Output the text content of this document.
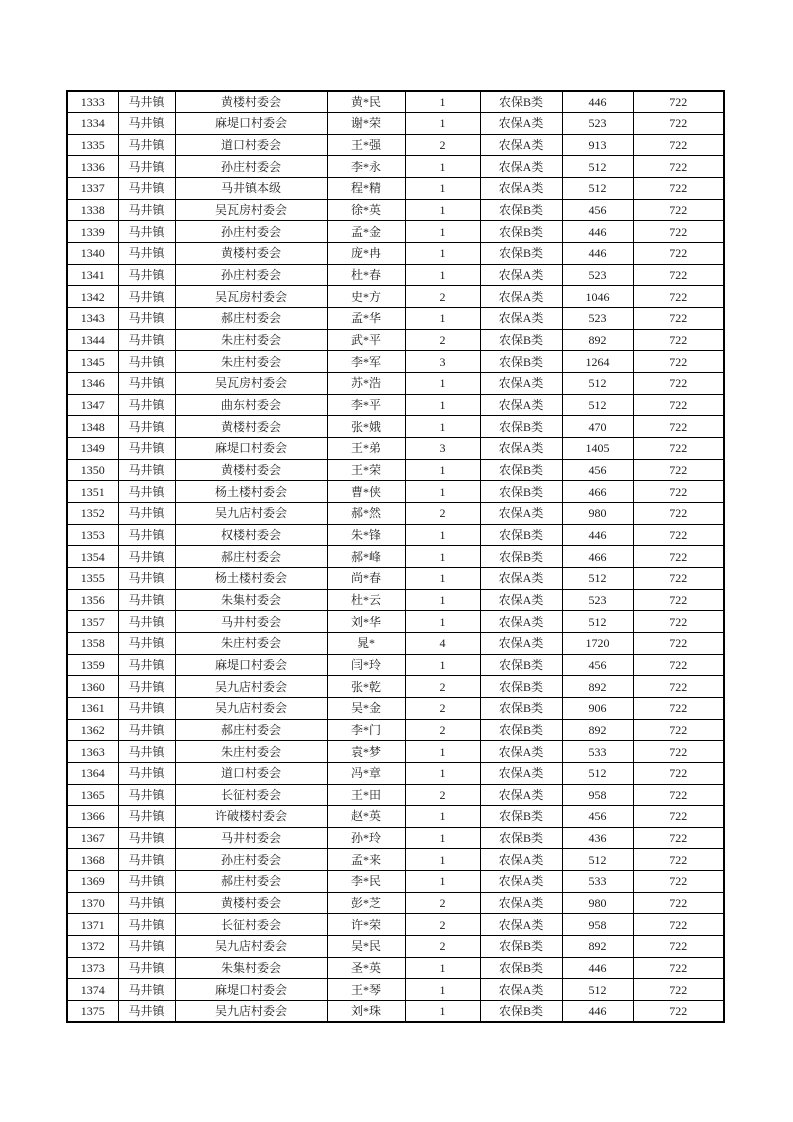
1333	马井镇	黄楼村委会	黄*民	1	农保B类	446	722
1334	马井镇	麻堤口村委会	谢*荣	1	农保A类	523	722
1335	马井镇	道口村委会	王*强	2	农保A类	913	722
1336	马井镇	孙庄村委会	李*永	1	农保A类	512	722
1337	马井镇	马井镇本级	程*精	1	农保A类	512	722
1338	马井镇	吴瓦房村委会	徐*英	1	农保B类	456	722
1339	马井镇	孙庄村委会	孟*金	1	农保B类	446	722
1340	马井镇	黄楼村委会	庞*冉	1	农保B类	446	722
1341	马井镇	孙庄村委会	杜*春	1	农保A类	523	722
1342	马井镇	吴瓦房村委会	史*方	2	农保A类	1046	722
1343	马井镇	郝庄村委会	孟*华	1	农保A类	523	722
1344	马井镇	朱庄村委会	武*平	2	农保B类	892	722
1345	马井镇	朱庄村委会	李*军	3	农保B类	1264	722
1346	马井镇	吴瓦房村委会	苏*浩	1	农保A类	512	722
1347	马井镇	曲东村委会	李*平	1	农保A类	512	722
1348	马井镇	黄楼村委会	张*娥	1	农保B类	470	722
1349	马井镇	麻堤口村委会	王*弟	3	农保A类	1405	722
1350	马井镇	黄楼村委会	王*荣	1	农保B类	456	722
1351	马井镇	杨土楼村委会	曹*侠	1	农保B类	466	722
1352	马井镇	吴九店村委会	郝*然	2	农保A类	980	722
1353	马井镇	权楼村委会	朱*锋	1	农保B类	446	722
1354	马井镇	郝庄村委会	郝*峰	1	农保B类	466	722
1355	马井镇	杨土楼村委会	尚*春	1	农保A类	512	722
1356	马井镇	朱集村委会	杜*云	1	农保A类	523	722
1357	马井镇	马井村委会	刘*华	1	农保A类	512	722
1358	马井镇	朱庄村委会	晁*	4	农保A类	1720	722
1359	马井镇	麻堤口村委会	闫*玲	1	农保B类	456	722
1360	马井镇	吴九店村委会	张*乾	2	农保B类	892	722
1361	马井镇	吴九店村委会	吴*金	2	农保B类	906	722
1362	马井镇	郝庄村委会	李*门	2	农保B类	892	722
1363	马井镇	朱庄村委会	袁*梦	1	农保A类	533	722
1364	马井镇	道口村委会	冯*章	1	农保A类	512	722
1365	马井镇	长征村委会	王*田	2	农保A类	958	722
1366	马井镇	许破楼村委会	赵*英	1	农保B类	456	722
1367	马井镇	马井村委会	孙*玲	1	农保B类	436	722
1368	马井镇	孙庄村委会	孟*来	1	农保A类	512	722
1369	马井镇	郝庄村委会	李*民	1	农保A类	533	722
1370	马井镇	黄楼村委会	彭*芝	2	农保A类	980	722
1371	马井镇	长征村委会	许*荣	2	农保A类	958	722
1372	马井镇	吴九店村委会	吴*民	2	农保B类	892	722
1373	马井镇	朱集村委会	圣*英	1	农保B类	446	722
1374	马井镇	麻堤口村委会	王*琴	1	农保A类	512	722
1375	马井镇	吴九店村委会	刘*珠	1	农保B类	446	722
